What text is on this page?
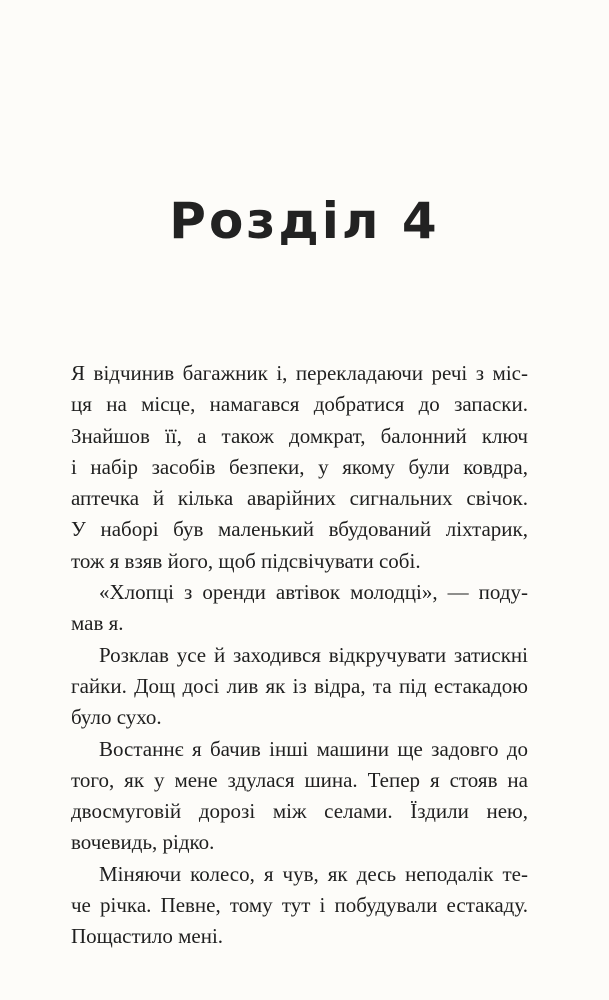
Розділ 4
Я відчинив багажник і, перекладаючи речі з міс-
ця на місце, намагався добратися до запаски.
Знайшов її, а також домкрат, балонний ключ
і набір засобів безпеки, у якому були ковдра,
аптечка й кілька аварійних сигнальних свічок.
У наборі був маленький вбудований ліхтарик,
тож я взяв його, щоб підсвічувати собі.
«Хлопці з оренди автівок молодці», — поду-
мав я.
Розклав усе й заходився відкручувати затискні
гайки. Дощ досі лив як із відра, та під естакадою
було сухо.
Востаннє я бачив інші машини ще задовго до
того, як у мене здулася шина. Тепер я стояв на
двосмуговій дорозі між селами. Їздили нею,
вочевидь, рідко.
Міняючи колесо, я чув, як десь неподалік те-
че річка. Певне, тому тут і побудували естакаду.
Пощастило мені.
